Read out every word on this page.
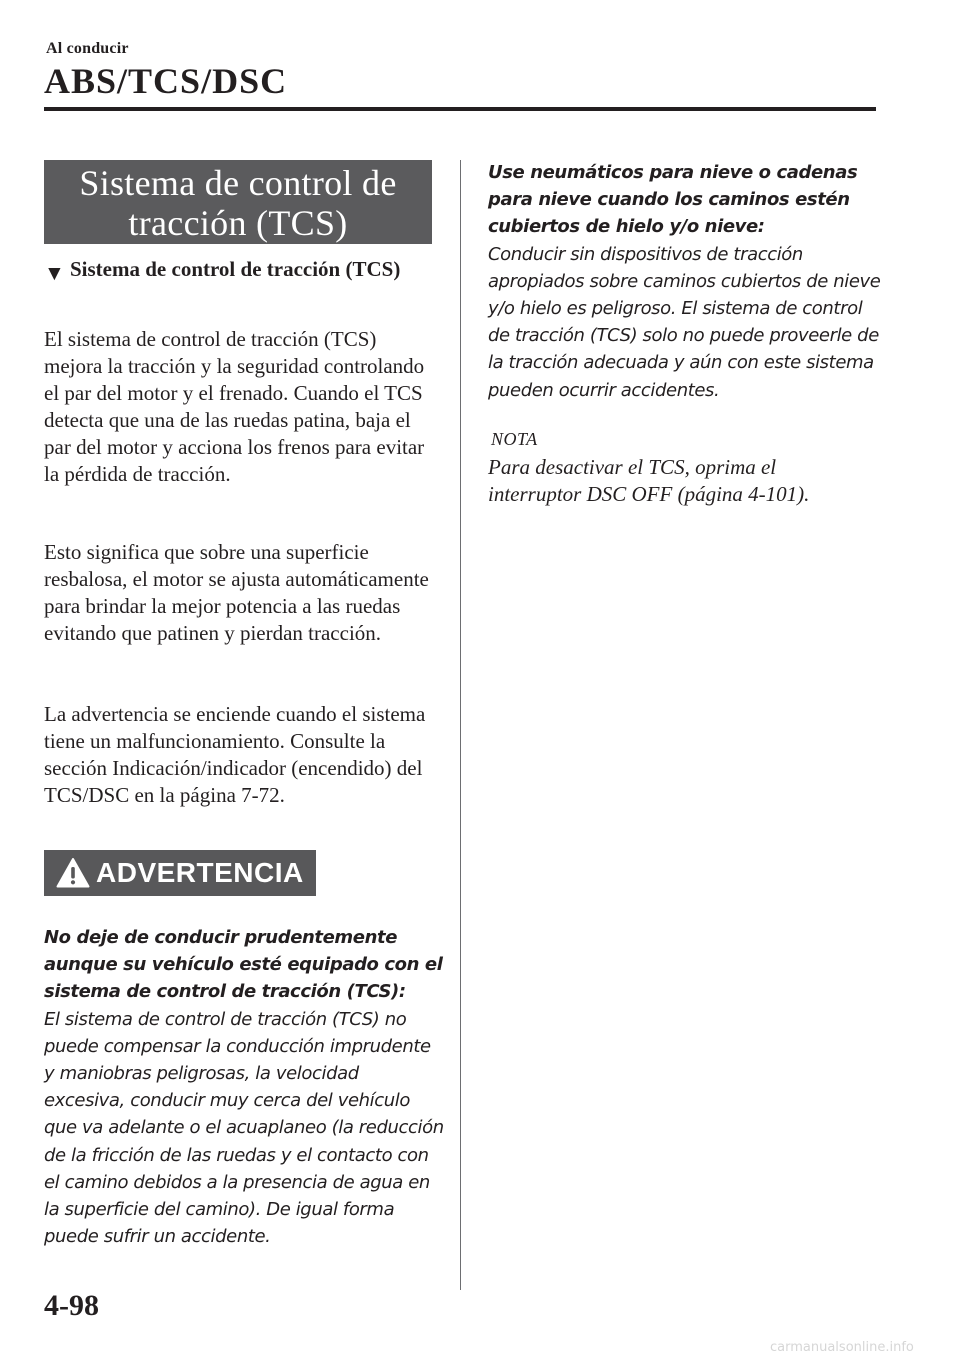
Al conducir
ABS/TCS/DSC
Sistema de control de
tracción (TCS)
▼ Sistema de control de tracción (TCS)
El sistema de control de tracción (TCS) mejora la tracción y la seguridad controlando el par del motor y el frenado. Cuando el TCS detecta que una de las ruedas patina, baja el par del motor y acciona los frenos para evitar la pérdida de tracción.
Esto significa que sobre una superficie resbalosa, el motor se ajusta automáticamente para brindar la mejor potencia a las ruedas evitando que patinen y pierdan tracción.
La advertencia se enciende cuando el sistema tiene un malfuncionamiento. Consulte la sección Indicación/indicador (encendido) del TCS/DSC en la página 7-72.
ADVERTENCIA
No deje de conducir prudentemente aunque su vehículo esté equipado con el sistema de control de tracción (TCS):
El sistema de control de tracción (TCS) no puede compensar la conducción imprudente y maniobras peligrosas, la velocidad excesiva, conducir muy cerca del vehículo que va adelante o el acuaplaneo (la reducción de la fricción de las ruedas y el contacto con el camino debidos a la presencia de agua en la superficie del camino). De igual forma puede sufrir un accidente.
Use neumáticos para nieve o cadenas para nieve cuando los caminos estén cubiertos de hielo y/o nieve:
Conducir sin dispositivos de tracción apropiados sobre caminos cubiertos de nieve y/o hielo es peligroso. El sistema de control de tracción (TCS) solo no puede proveerle de la tracción adecuada y aún con este sistema pueden ocurrir accidentes.
NOTA
Para desactivar el TCS, oprima el interruptor DSC OFF (página 4-101).
4-98
carmanualsonline.info
